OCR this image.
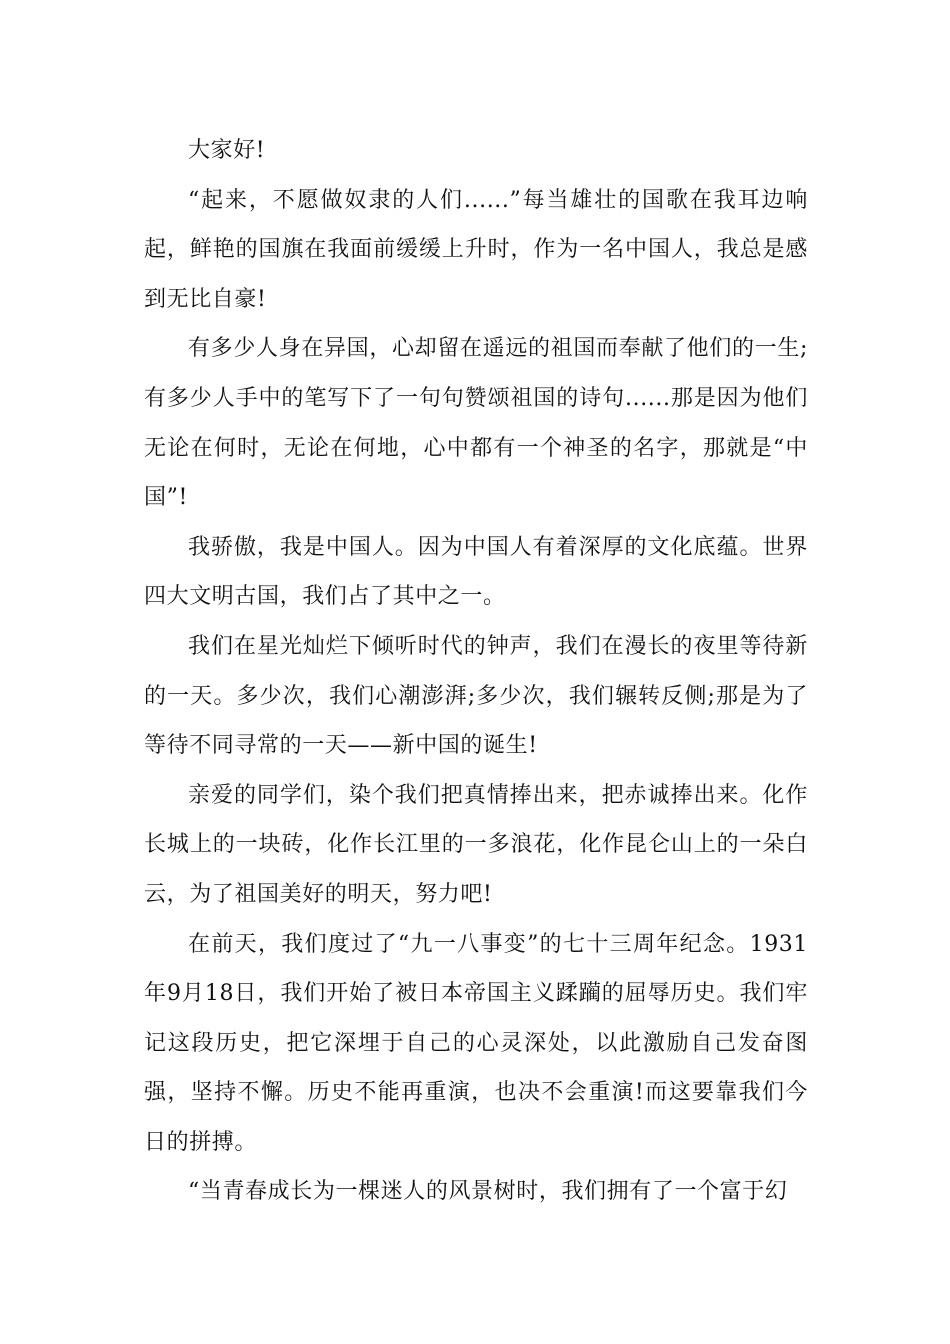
大家好!

“起来，不愿做奴隶的人们......”每当雄壮的国歌在我耳边响起，鲜艳的国旗在我面前缓缓上升时，作为一名中国人，我总是感到无比自豪!

有多少人身在异国，心却留在遥远的祖国而奉献了他们的一生;有多少人手中的笔写下了一句句赞颂祖国的诗句......那是因为他们无论在何时，无论在何地，心中都有一个神圣的名字，那就是“中国”!

我骄傲，我是中国人。因为中国人有着深厚的文化底蕴。世界四大文明古国，我们占了其中之一。

我们在星光灿烂下倾听时代的钟声，我们在漫长的夜里等待新的一天。多少次，我们心潮澎湃;多少次，我们辗转反侧;那是为了等待不同寻常的一天——新中国的诞生!

亲爱的同学们，染个我们把真情捧出来，把赤诚捧出来。化作长城上的一块砖，化作长江里的一多浪花，化作昆仑山上的一朵白云，为了祖国美好的明天，努力吧!

在前天，我们度过了“九一八事变”的七十三周年纪念。1931年9月18日，我们开始了被日本帝国主义蹂躏的屈辱历史。我们牢记这段历史，把它深埋于自己的心灵深处，以此激励自己发奋图强，坚持不懈。历史不能再重演，也决不会重演!而这要靠我们今日的拼搏。

“当青春成长为一棵迷人的风景树时，我们拥有了一个富于幻
